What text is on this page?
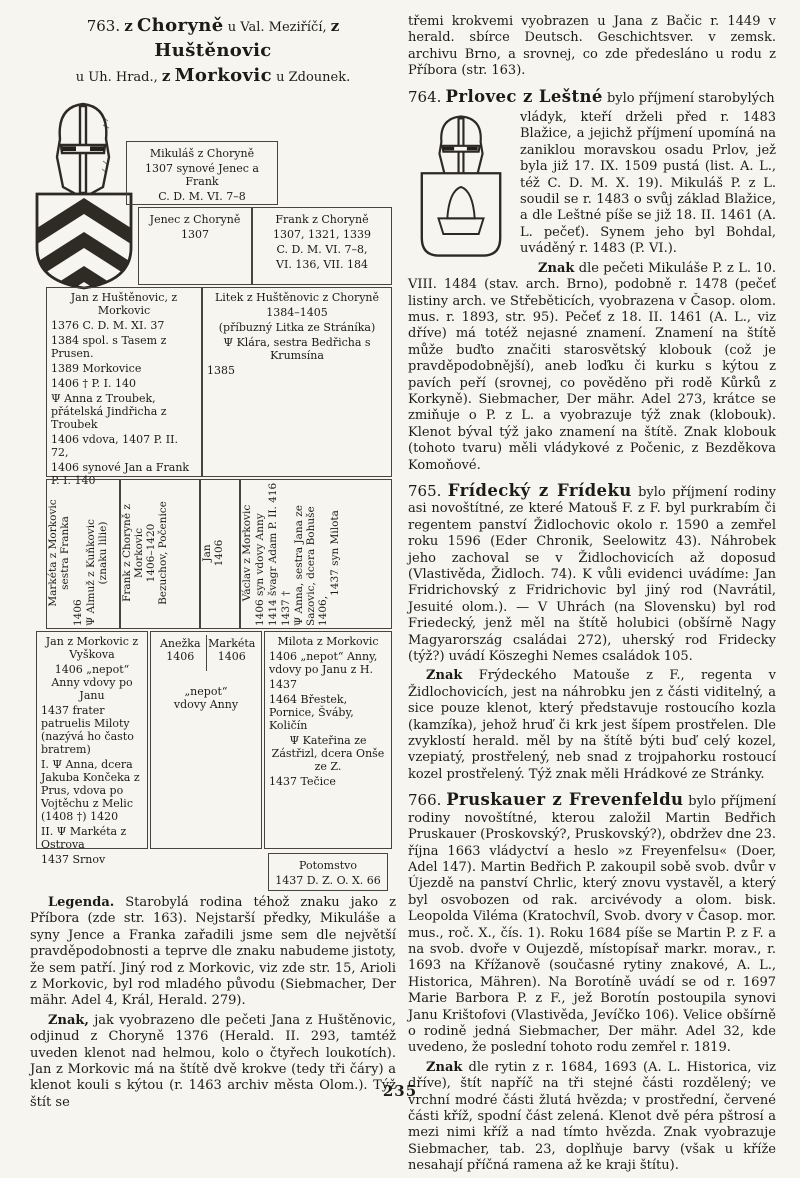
763. z Choryně u Val. Meziříčí, z Huštěnovic
u Uh. Hrad., z Morkovic u Zdounek.
Mikuláš z Choryně
1307 synové Jenec a Frank
C. D. M. VI. 7–8
Jenec z Choryně
1307
Frank z Choryně
1307, 1321, 1339
C. D. M. VI. 7–8,
VI. 136, VII. 184
Jan z Huštěnovic, z Morkovic
1376 C. D. M. XI. 37
1384 spol. s Tasem z Prusen.
1389 Morkovice
1406 † P. I. 140
Ψ Anna z Troubek, přátelská Jindřicha z Troubek
1406 vdova, 1407 P. II. 72,
1406 synové Jan a Frank P. I. 140
Litek z Huštěnovic z Choryně
1384–1405
(příbuzný Litka ze Stráníka)
Ψ Klára, sestra Bedřicha s Krumsína
1385
Markéta z Morkovic sestra Franka
1406 Ψ Almuž z Kuňkovic (znaku lilie) Frank z Choryně z Morkovic 1406–1420 Bezuchov, Počenice	Jan 1406 Václav z Morkovic 1406 syn vdovy Anny 1414 švagr Adam P. II. 416 1437 † Ψ Anna, sestra Jana ze Sazovic, dcera Bohuše 1406,
1437 syn Milota
Jan z Morkovic z Vyškova
1406 „nepot“ Anny vdovy po Janu
1437 frater patruelis Miloty (nazývá ho často bratrem)
I. Ψ Anna, dcera Jakuba Končeka z Prus, vdova po Vojtěchu z Melic (1408 †) 1420
II. Ψ Markéta z Ostrova
1437 Srnov
Anežka
1406
Markéta
1406
„nepot“
vdovy Anny
Milota z Morkovic
1406 „nepot“ Anny, vdovy po Janu z H.
1437
1464 Břestek, Pornice, Šváby, Količín
Ψ Kateřina ze Zástřizl, dcera Onše ze Z.
1437 Tečice
Potomstvo
1437 D. Z. O. X. 66

Legenda. Starobylá rodina téhož znaku jako z Příbora (zde str. 163). Nejstarší předky, Mikuláše a syny Jence a Franka zařadili jsme sem dle největší pravděpodobnosti a teprve dle znaku nabudeme jistoty, že sem patří. Jiný rod z Morkovic, viz zde str. 15, Arioli z Morkovic, byl rod mladého původu (Siebmacher, Der mähr. Adel 4, Král, Herald. 279).

Znak, jak vyobrazeno dle pečeti Jana z Huštěnovic, odjinud z Choryně 1376 (Herald. II. 293, tamtéž uveden klenot nad helmou, kolo o čtyřech loukotích). Jan z Morkovic má na štítě dvě krokve (tedy tři čáry) a klenot kouli s kýtou (r. 1463 archiv města Olom.). Týž štít se

třemi krokvemi vyobrazen u Jana z Bačic r. 1449 v herald. sbírce Deutsch. Geschichtsver. v zemsk. archivu Brno, a srovnej, co zde předesláno u rodu z Příbora (str. 163).

764. Prlovec z Leštné bylo příjmení starobylých

vládyk, kteří drželi před r. 1483 Blažice, a jejichž příjmení upomíná na zaniklou moravskou osadu Prlov, jež byla již 17. IX. 1509 pustá (list. A. L., též C. D. M. X. 19). Mikuláš P. z L. soudil se r. 1483 o svůj základ Blažice, a dle Leštné píše se již 18. II. 1461 (A. L. pečeť). Synem jeho byl Bohdal, uváděný r. 1483 (P. VI.).

Znak dle pečeti Mikuláše P. z L. 10. VIII. 1484 (stav. arch. Brno), podobně r. 1478 (pečeť listiny arch. ve Střeběticích, vyobrazena v Časop. olom. mus. r. 1893, str. 95). Pečeť z 18. II. 1461 (A. L., viz dříve) má totéž nejasné znamení. Znamení na štítě může buďto značiti starosvětský klobouk (což je pravděpodobnější), aneb loďku či kurku s kýtou z pavích peří (srovnej, co pověděno při rodě Kůrků z Korkyně). Siebmacher, Der mähr. Adel 273, krátce se zmiňuje o P. z L. a vyobrazuje týž znak (klobouk). Klenot býval týž jako znamení na štítě. Znak klobouk (tohoto tvaru) měli vládykové z Počenic, z Bezděkova Komoňové.

765. Frídecký z Frídeku bylo příjmení rodiny asi novoštítné, ze které Matouš F. z F. byl purkrabím či regentem panství Židlochovic okolo r. 1590 a zemřel roku 1596 (Eder Chronik, Seelowitz 43). Náhrobek jeho zachoval se v Židlochovicích až doposud (Vlastivěda, Židloch. 74). K vůli evidenci uvádíme: Jan Fridrichovský z Fridrichovic byl jiný rod (Navrátil, Jesuité olom.). — V Uhrách (na Slovensku) byl rod Friedecký, jenž měl na štítě holubici (obšírně Nagy Magyarország családai 272), uherský rod Fridecky (týž?) uvádí Köszeghi Nemes családok 105.

Znak Frýdeckého Matouše z F., regenta v Židlochovicích, jest na náhrobku jen z části viditelný, a sice pouze klenot, který představuje rostoucího kozla (kamzíka), jehož hruď či krk jest šípem prostřelen. Dle zvyklostí herald. měl by na štítě býti buď celý kozel, vzepiatý, prostřelený, neb snad z trojpahorku rostoucí kozel prostřelený. Týž znak měli Hrádkové ze Stránky.

766. Pruskauer z Frevenfeldu bylo příjmení rodiny novoštítné, kterou založil Martin Bedřich Pruskauer (Proskovský?, Pruskovský?), obdržev dne 23. října 1663 vládyctví a heslo »z Freyenfelsu« (Doer, Adel 147). Martin Bedřich P. zakoupil sobě svob. dvůr v Újezdě na panství Chrlic, který znovu vystavěl, a který byl osvobozen od rak. arcivévody a olom. bisk. Leopolda Viléma (Kratochvíl, Svob. dvory v Časop. mor. mus., roč. X., čís. 1). Roku 1684 píše se Martin P. z F. a na svob. dvoře v Oujezdě, místopísař markr. morav., r. 1693 na Křížanově (současné rytiny znakové, A. L., Historica, Mähren). Na Borotíně uvádí se od r. 1697 Marie Barbora P. z F., jež Borotín postoupila synovi Janu Krištofovi (Vlastivěda, Jevíčko 106). Velice obšírně o rodině jedná Siebmacher, Der mähr. Adel 32, kde uvedeno, že poslední tohoto rodu zemřel r. 1819.

Znak dle rytin z r. 1684, 1693 (A. L. Historica, viz dříve), štít napříč na tři stejné části rozdělený; ve vrchní modré části žlutá hvězda; v prostřední, červené části kříž, spodní část zelená. Klenot dvě péra pštrosí a mezi nimi kříž a nad tímto hvězda. Znak vyobrazuje Siebmacher, tab. 23, doplňuje barvy (však u kříže nesahají příčná ramena až ke kraji štítu).

235
